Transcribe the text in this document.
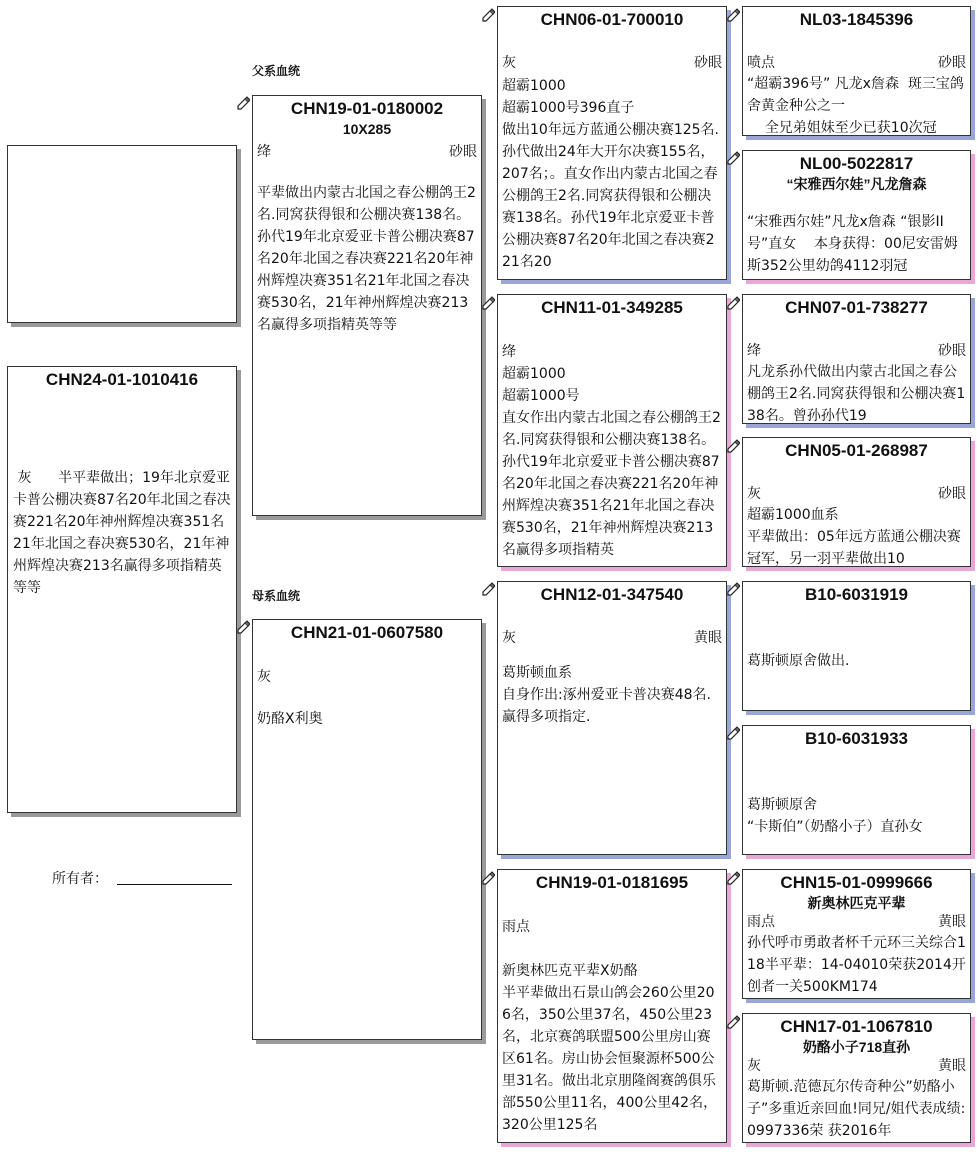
父系血统
母系血统
CHN24-01-1010416
灰      半平辈做出；19年北京爱亚卡普公棚决赛87名20年北国之春决赛221名20年神州辉煌决赛351名21年北国之春决赛530名，21年神州辉煌决赛213名赢得多项指精英等等
所有者：
CHN19-01-0180002
10X285
绛	砂眼
平辈做出内蒙古北国之春公棚鸽王2名.同窝获得银和公棚决赛138名。孙代19年北京爱亚卡普公棚决赛87名20年北国之春决赛221名20年神州辉煌决赛351名21年北国之春决赛530名，21年神州辉煌决赛213名赢得多项指精英等等
CHN21-01-0607580
灰
奶酪X利奥
CHN06-01-700010
灰	砂眼
超霸1000
超霸1000号396直子
做出10年远方蓝通公棚决赛125名.
孙代做出24年大开尔决赛155名，207名；。直女作出内蒙古北国之春公棚鸽王2名.同窝获得银和公棚决赛138名。孙代19年北京爱亚卡普公棚决赛87名20年北国之春决赛221名20
CHN11-01-349285
绛
超霸1000
超霸1000号
直女作出内蒙古北国之春公棚鸽王2名.同窝获得银和公棚决赛138名。孙代19年北京爱亚卡普公棚决赛87名20年北国之春决赛221名20年神州辉煌决赛351名21年北国之春决赛530名，21年神州辉煌决赛213名赢得多项指精英
CHN12-01-347540
灰	黄眼
葛斯顿血系
自身作出:涿州爱亚卡普决赛48名.
赢得多项指定.
CHN19-01-0181695
雨点
新奥林匹克平辈X奶酪
半平辈做出石景山鸽会260公里206名，350公里37名，450公里23名，北京赛鸽联盟500公里房山赛区61名。房山协会恒聚源杯500公里31名。做出北京朋隆阁赛鸽俱乐部550公里11名，400公里42名，320公里125名
NL03-1845396
喷点	砂眼
“超霸396号” 凡龙x詹森  斑三宝鸽舍黄金种公之一
全兄弟姐妹至少已获10次冠
NL00-5022817
“宋雅西尔娃”凡龙詹森
“宋雅西尔娃”凡龙x詹森 “银影II号”直女    本身获得：00尼安雷姆斯352公里幼鸽4112羽冠
CHN07-01-738277
绛	砂眼
凡龙系孙代做出内蒙古北国之春公棚鸽王2名.同窝获得银和公棚决赛138名。曾孙孙代19
CHN05-01-268987
灰	砂眼
超霸1000血系
平辈做出：05年远方蓝通公棚决赛冠军，另一羽平辈做出10
B10-6031919
葛斯顿原舍做出.
B10-6031933
葛斯顿原舍
“卡斯伯”（奶酪小子）直孙女
CHN15-01-0999666
新奥林匹克平辈
雨点	黄眼
孙代呼市勇敢者杯千元环三关综合118半平辈：14-04010荣获2014开创者一关500KM174
CHN17-01-1067810
奶酪小子718直孙
灰	黄眼
葛斯顿.范德瓦尔传奇种公”奶酪小子”多重近亲回血!同兄/姐代表成绩: 0997336荣 获2016年
